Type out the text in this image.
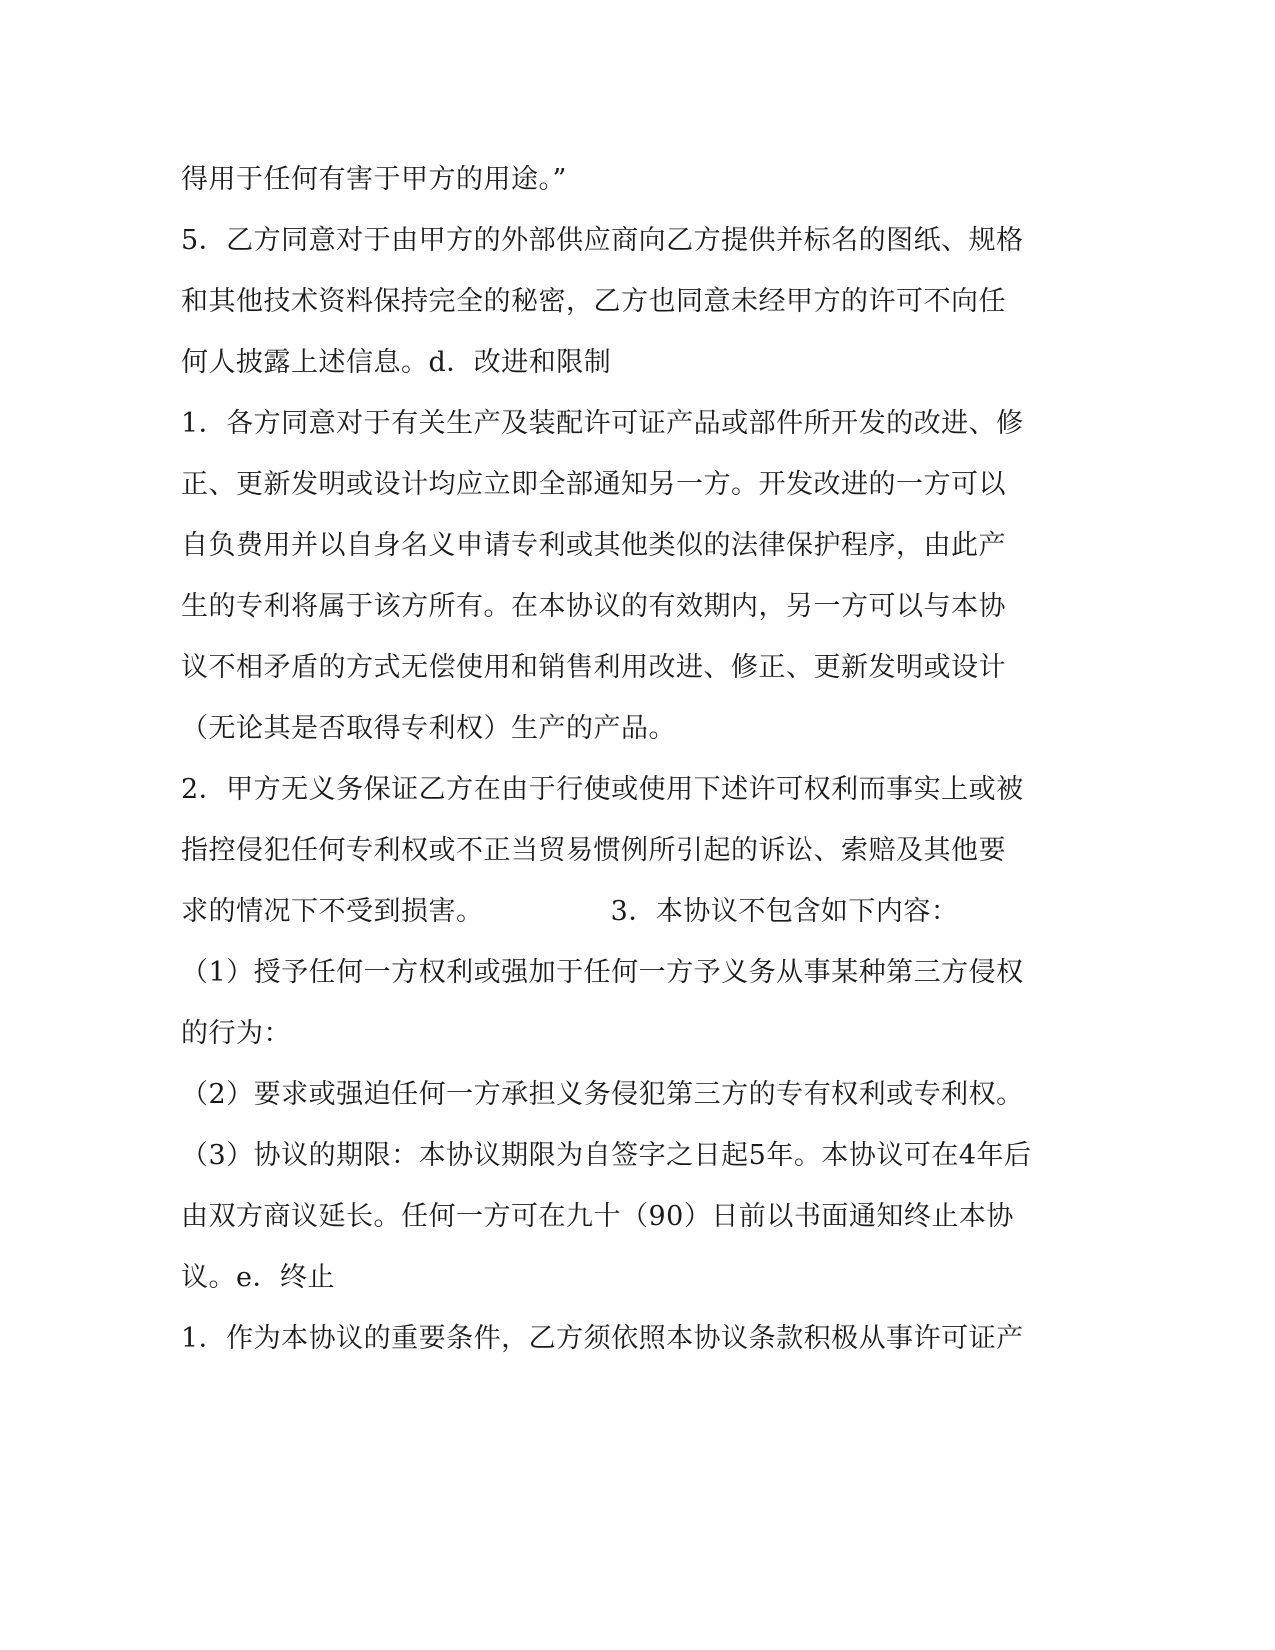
得用于任何有害于甲方的用途。”
5．乙方同意对于由甲方的外部供应商向乙方提供并标名的图纸、规格
和其他技术资料保持完全的秘密，乙方也同意未经甲方的许可不向任
何人披露上述信息。d．改进和限制
1．各方同意对于有关生产及装配许可证产品或部件所开发的改进、修
正、更新发明或设计均应立即全部通知另一方。开发改进的一方可以
自负费用并以自身名义申请专利或其他类似的法律保护程序，由此产
生的专利将属于该方所有。在本协议的有效期内，另一方可以与本协
议不相矛盾的方式无偿使用和销售利用改进、修正、更新发明或设计
（无论其是否取得专利权）生产的产品。
2．甲方无义务保证乙方在由于行使或使用下述许可权利而事实上或被
指控侵犯任何专利权或不正当贸易惯例所引起的诉讼、索赔及其他要
求的情况下不受到损害。              3．本协议不包含如下内容：
（1）授予任何一方权利或强加于任何一方予义务从事某种第三方侵权
的行为：
（2）要求或强迫任何一方承担义务侵犯第三方的专有权利或专利权。
（3）协议的期限：本协议期限为自签字之日起5年。本协议可在4年后
由双方商议延长。任何一方可在九十（90）日前以书面通知终止本协
议。e．终止
1．作为本协议的重要条件，乙方须依照本协议条款积极从事许可证产
